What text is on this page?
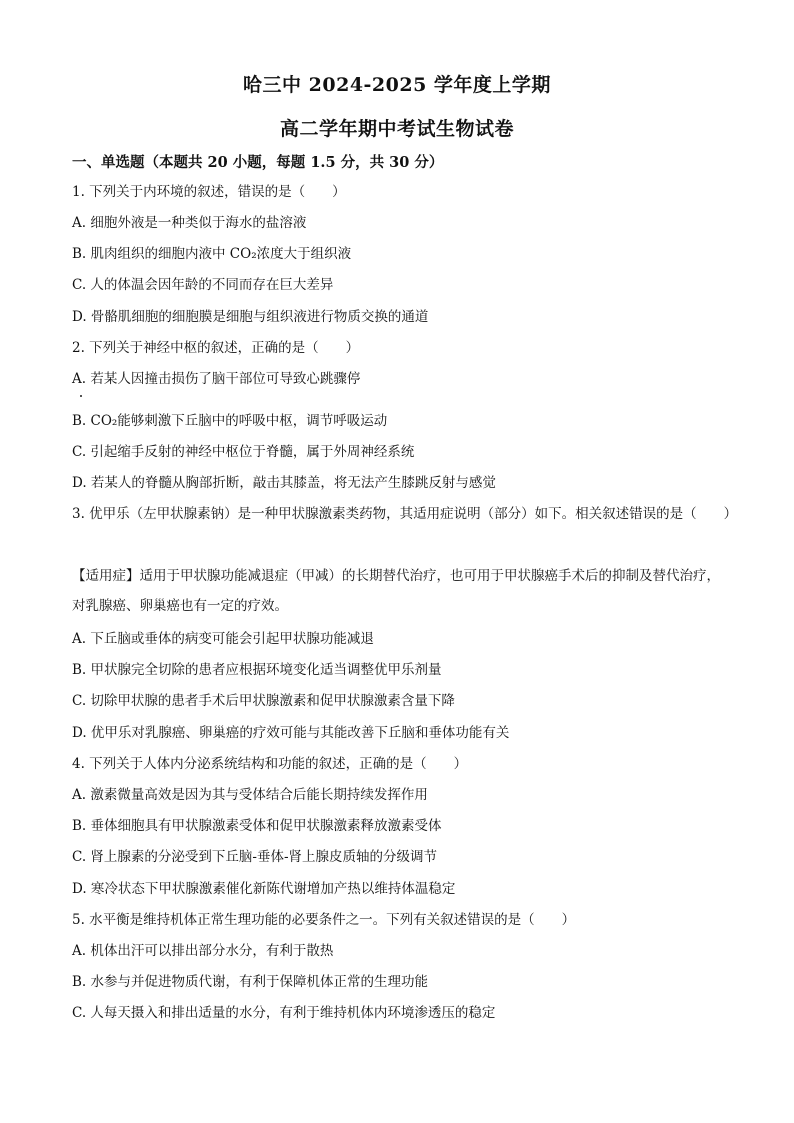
哈三中 2024-2025 学年度上学期
高二学年期中考试生物试卷
一、单选题（本题共 20 小题，每题 1.5 分，共 30 分）
1. 下列关于内环境的叙述，错误的是（　　）
A. 细胞外液是一种类似于海水的盐溶液
B. 肌肉组织的细胞内液中 CO₂浓度大于组织液
C. 人的体温会因年龄的不同而存在巨大差异
D. 骨骼肌细胞的细胞膜是细胞与组织液进行物质交换的通道
2. 下列关于神经中枢的叙述，正确的是（　　）
A. 若某人因撞击损伤了脑干部位可导致心跳骤停
B. CO₂能够刺激下丘脑中的呼吸中枢，调节呼吸运动
C. 引起缩手反射的神经中枢位于脊髓，属于外周神经系统
D. 若某人的脊髓从胸部折断，敲击其膝盖，将无法产生膝跳反射与感觉
3. 优甲乐（左甲状腺素钠）是一种甲状腺激素类药物，其适用症说明（部分）如下。相关叙述错误的是（　　）
【适用症】适用于甲状腺功能减退症（甲减）的长期替代治疗，也可用于甲状腺癌手术后的抑制及替代治疗，对乳腺癌、卵巢癌也有一定的疗效。
A. 下丘脑或垂体的病变可能会引起甲状腺功能减退
B. 甲状腺完全切除的患者应根据环境变化适当调整优甲乐剂量
C. 切除甲状腺的患者手术后甲状腺激素和促甲状腺激素含量下降
D. 优甲乐对乳腺癌、卵巢癌的疗效可能与其能改善下丘脑和垂体功能有关
4. 下列关于人体内分泌系统结构和功能的叙述，正确的是（　　）
A. 激素微量高效是因为其与受体结合后能长期持续发挥作用
B. 垂体细胞具有甲状腺激素受体和促甲状腺激素释放激素受体
C. 肾上腺素的分泌受到下丘脑-垂体-肾上腺皮质轴的分级调节
D. 寒冷状态下甲状腺激素催化新陈代谢增加产热以维持体温稳定
5. 水平衡是维持机体正常生理功能的必要条件之一。下列有关叙述错误的是（　　）
A. 机体出汗可以排出部分水分，有利于散热
B. 水参与并促进物质代谢，有利于保障机体正常的生理功能
C. 人每天摄入和排出适量的水分，有利于维持机体内环境渗透压的稳定
